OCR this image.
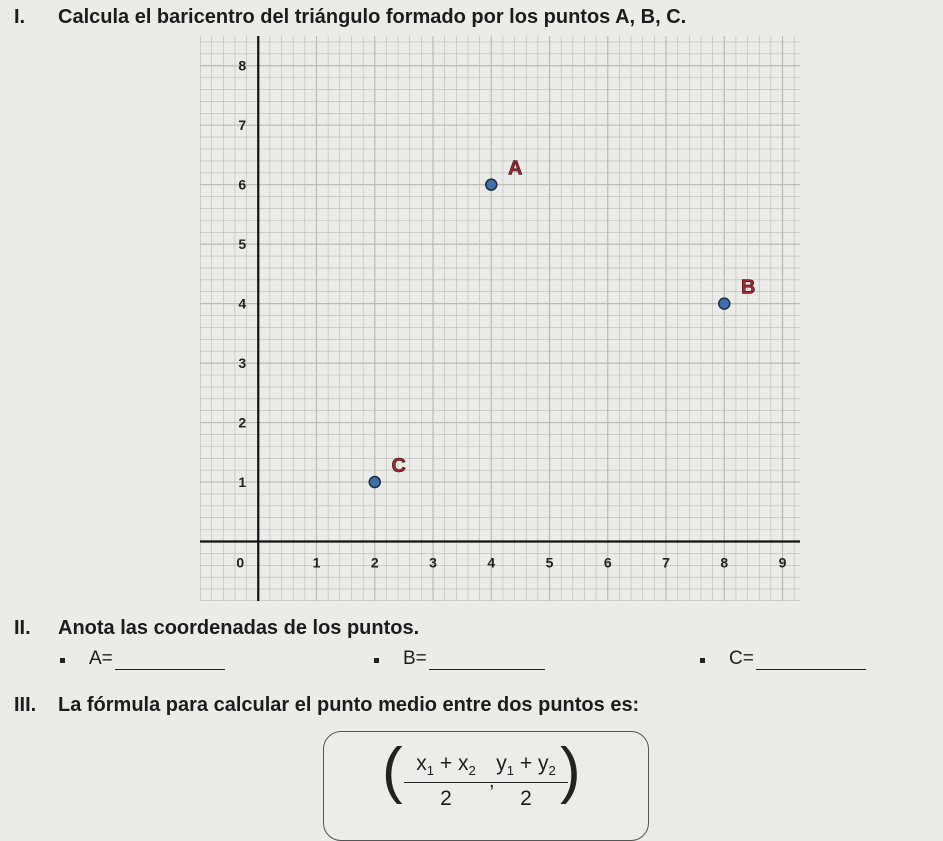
I. Calcula el baricentro del triángulo formado por los puntos A, B, C.
0	1	2	3	4	5	6	7	8	9
1
2
3
4
5
6
7
8
A
B
C
II. Anota las coordenadas de los puntos.
A=	B=	C=
III. La fórmula para calcular el punto medio entre dos puntos es:
( $\frac{x_1 + x_2}{2}$ ,
$\frac{y_1 + y_2}{2}$
)
